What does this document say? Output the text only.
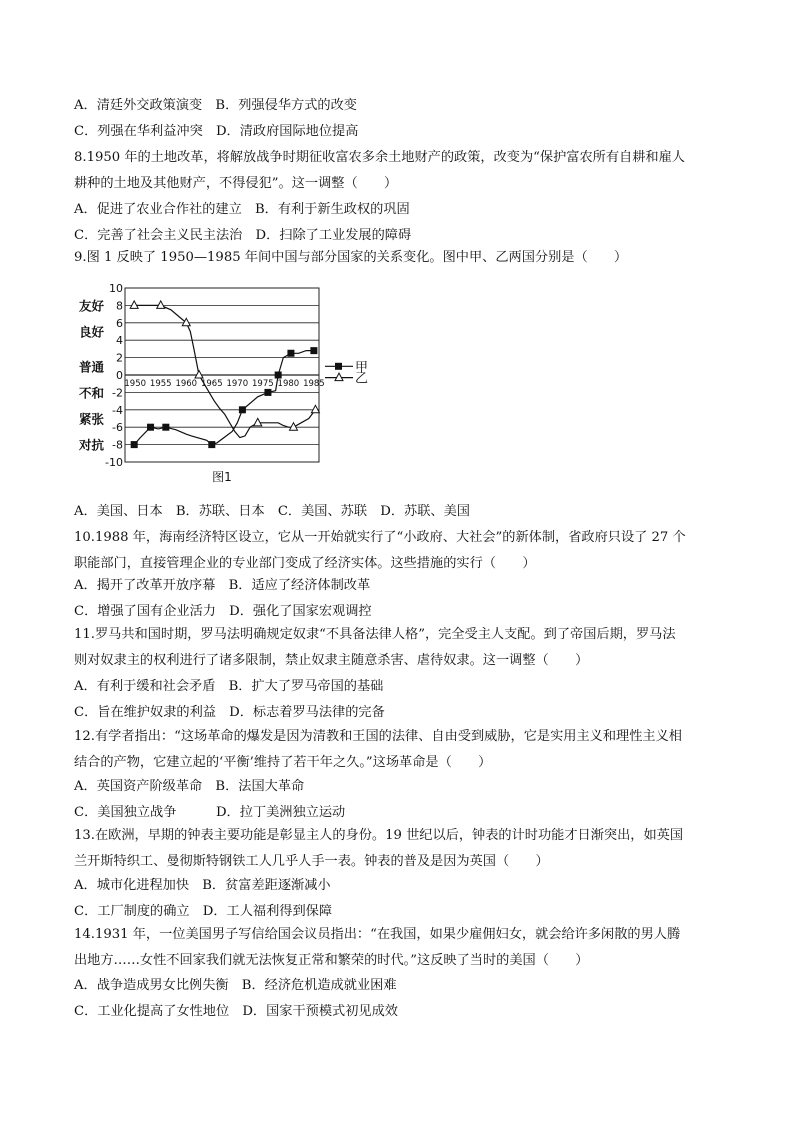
A．清廷外交政策演变　B．列强侵华方式的改变
C．列强在华利益冲突　D．清政府国际地位提高
8.1950 年的土地改革，将解放战争时期征收富农多余土地财产的政策，改变为“保护富农所有自耕和雇人
耕种的土地及其他财产，不得侵犯”。这一调整（　　）
A．促进了农业合作社的建立　B．有利于新生政权的巩固
C．完善了社会主义民主法治　D．扫除了工业发展的障碍
9.图 1 反映了 1950—1985 年间中国与部分国家的关系变化。图中甲、乙两国分别是（　　）
A．美国、日本　B．苏联、日本　C．美国、苏联　D．苏联、美国
10.1988 年，海南经济特区设立，它从一开始就实行了“小政府、大社会”的新体制，省政府只设了 27 个
职能部门，直接管理企业的专业部门变成了经济实体。这些措施的实行（　　）
A．揭开了改革开放序幕　B．适应了经济体制改革
C．增强了国有企业活力　D．强化了国家宏观调控
11.罗马共和国时期，罗马法明确规定奴隶“不具备法律人格”，完全受主人支配。到了帝国后期，罗马法
则对奴隶主的权利进行了诸多限制，禁止奴隶主随意杀害、虐待奴隶。这一调整（　　）
A．有利于缓和社会矛盾　B．扩大了罗马帝国的基础
C．旨在维护奴隶的利益　D．标志着罗马法律的完备
12.有学者指出：“这场革命的爆发是因为清教和王国的法律、自由受到威胁，它是实用主义和理性主义相
结合的产物，它建立起的‘平衡’维持了若干年之久。”这场革命是（　　）
A．英国资产阶级革命　B．法国大革命
C．美国独立战争　　　D．拉丁美洲独立运动
13.在欧洲，早期的钟表主要功能是彰显主人的身份。19 世纪以后，钟表的计时功能才日渐突出，如英国
兰开斯特织工、曼彻斯特钢铁工人几乎人手一表。钟表的普及是因为英国（　　）
A．城市化进程加快　B．贫富差距逐渐减小
C．工厂制度的确立　D．工人福利得到保障
14.1931 年，一位美国男子写信给国会议员指出：“在我国，如果少雇佣妇女，就会给许多闲散的男人腾
出地方……女性不回家我们就无法恢复正常和繁荣的时代。”这反映了当时的美国（　　）
A．战争造成男女比例失衡　B．经济危机造成就业困难
C．工业化提高了女性地位　D．国家干预模式初见成效
10
8
6
4
2
0
-2
-4
-6
-8
-10
友好
良好
普通
不和
紧张
对抗
1950 1955 1960 1965 1970 1975 1980 1985
甲
乙
图1
